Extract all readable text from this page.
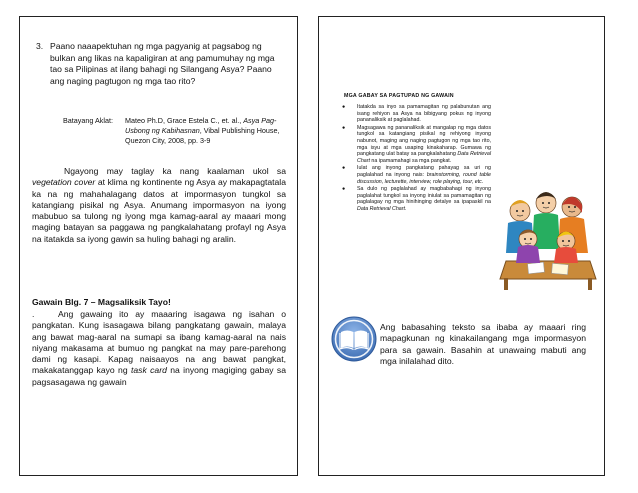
3. Paano naaapektuhan ng mga pagyanig at pagsabog ng bulkan ang likas na kapaligiran at ang pamumuhay ng mga tao sa Pilipinas at ilang bahagi ng Silangang Asya? Paano ang naging pagtugon ng mga tao rito?
Batayang Aklat:	Mateo Ph.D, Grace Estela C., et. al., Asya Pag-Usbong ng Kabihasnan, Vibal Publishing House, Quezon City, 2008, pp. 3-9
Ngayong may taglay ka nang kaalaman ukol sa vegetation cover at klima ng kontinente ng Asya ay makapagtatala ka na ng mahahalagang datos at impormasyon tungkol sa katangiang pisikal ng Asya. Anumang impormasyon na iyong mabubuo sa tulong ng iyong mga kamag-aaral ay maaari mong maging batayan sa paggawa ng pangkalahatang profayl ng Asya na itatakda sa iyong gawin sa huling bahagi ng aralin.
Gawain Blg. 7 – Magsaliksik Tayo!
.	Ang gawaing ito ay maaaring isagawa ng isahan o pangkatan. Kung isasagawa bilang pangkatang gawain, malaya ang bawat mag-aaral na sumapi sa ibang kamag-aaral na nais niyang makasama at bumuo ng pangkat na may pare-parehong dami ng kasapi. Kapag naisaayos na ang bawat pangkat, makakatanggap kayo ng task card na inyong magiging gabay sa pagsasagawa ng gawain
MGA GABAY SA PAGTUPAD NG GAWAIN
● Itatakda sa inyo sa pamamagitan ng palabunutan ang isang rehiyon sa Asya na bibigyang pokus ng inyong pananaliksik at paglalahad.
● Magsagawa ng pananaliksik at mangalap ng mga datos tungkol sa katangiang pisikal ng rehiyong inyong nabunot, maging ang naging pagtugon ng mga tao rito, mga isyu at mga usaping kinakaharap. Gumawa ng pangkatang ulat batay sa pangkalahatang Data Retrieval Chart na ipamamahagi sa mga pangkat.
● Iulat ang inyong pangkatang pahayag sa uri ng paglalahad na inyong nais: brainstorming, round table discussion, lecturette, interview, role playing, tour, etc.
● Sa dulo ng paglalahad ay magbabahagi ng inyong paglalahat tungkol sa inyong iniulat sa pamamagitan ng paglalagay ng mga hinihinging detalye sa ipapaskil na Data Retrieval Chart.
Ang babasahing teksto sa ibaba ay maaari ring mapagkunan ng kinakailangang mga impormasyon para sa gawain. Basahin at unawaing mabuti ang mga inilalahad dito.
